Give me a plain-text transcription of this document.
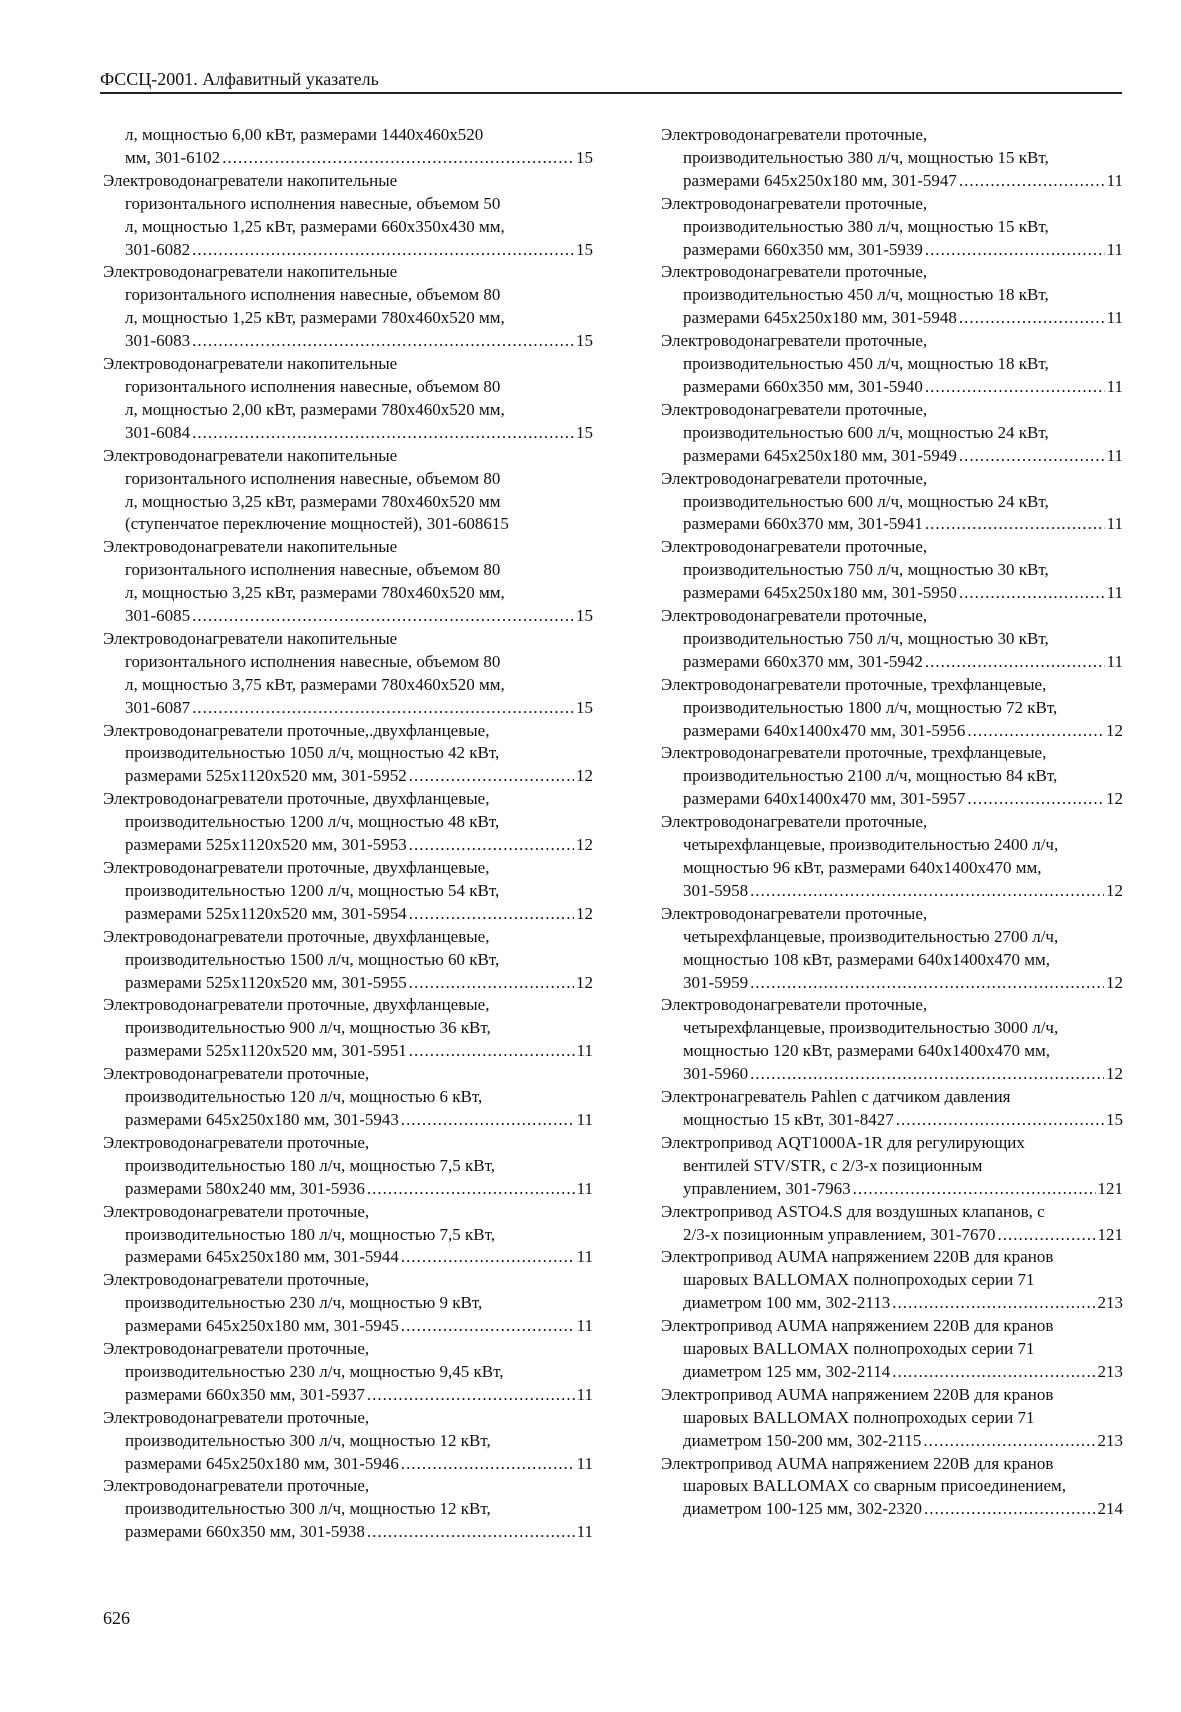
ФССЦ-2001. Алфавитный указатель
л, мощностью 6,00 кВт, размерами 1440x460x520
мм, 301-6102 .....	15
Электроводонагреватели накопительные
горизонтального исполнения навесные, объемом 50
л, мощностью 1,25 кВт, размерами 660x350x430 мм,
301-6082 .....	15
Электроводонагреватели накопительные
горизонтального исполнения навесные, объемом 80
л, мощностью 1,25 кВт, размерами 780x460x520 мм,
301-6083 .....	15
Электроводонагреватели накопительные
горизонтального исполнения навесные, объемом 80
л, мощностью 2,00 кВт, размерами 780x460x520 мм,
301-6084 .....	15
Электроводонагреватели накопительные
горизонтального исполнения навесные, объемом 80
л, мощностью 3,25 кВт, размерами 780x460x520 мм
(ступенчатое переключение мощностей), 301-608615
Электроводонагреватели накопительные
горизонтального исполнения навесные, объемом 80
л, мощностью 3,25 кВт, размерами 780x460x520 мм,
301-6085 .....	15
Электроводонагреватели накопительные
горизонтального исполнения навесные, объемом 80
л, мощностью 3,75 кВт, размерами 780x460x520 мм,
301-6087 .....	15
Электроводонагреватели проточные,.двухфланцевые,
производительностью 1050 л/ч, мощностью 42 кВт,
размерами 525x1120x520 мм, 301-5952 .....	12
Электроводонагреватели проточные, двухфланцевые,
производительностью 1200 л/ч, мощностью 48 кВт,
размерами 525x1120x520 мм, 301-5953 .....	12
Электроводонагреватели проточные, двухфланцевые,
производительностью 1200 л/ч, мощностью 54 кВт,
размерами 525x1120x520 мм, 301-5954 .....	12
Электроводонагреватели проточные, двухфланцевые,
производительностью 1500 л/ч, мощностью 60 кВт,
размерами 525x1120x520 мм, 301-5955 .....	12
Электроводонагреватели проточные, двухфланцевые,
производительностью 900 л/ч, мощностью 36 кВт,
размерами 525x1120x520 мм, 301-5951 .....	11
Электроводонагреватели проточные,
производительностью 120 л/ч, мощностью 6 кВт,
размерами 645x250x180 мм, 301-5943 .....	11
Электроводонагреватели проточные,
производительностью 180 л/ч, мощностью 7,5 кВт,
размерами 580x240 мм, 301-5936 .....	11
Электроводонагреватели проточные,
производительностью 180 л/ч, мощностью 7,5 кВт,
размерами 645x250x180 мм, 301-5944 .....	11
Электроводонагреватели проточные,
производительностью 230 л/ч, мощностью 9 кВт,
размерами 645x250x180 мм, 301-5945 .....	11
Электроводонагреватели проточные,
производительностью 230 л/ч, мощностью 9,45 кВт,
размерами 660x350 мм, 301-5937 .....	11
Электроводонагреватели проточные,
производительностью 300 л/ч, мощностью 12 кВт,
размерами 645x250x180 мм, 301-5946 .....	11
Электроводонагреватели проточные,
производительностью 300 л/ч, мощностью 12 кВт,
размерами 660x350 мм, 301-5938 .....	11
Электроводонагреватели проточные,
производительностью 380 л/ч, мощностью 15 кВт,
размерами 645x250x180 мм, 301-5947 .....	11
Электроводонагреватели проточные,
производительностью 380 л/ч, мощностью 15 кВт,
размерами 660x350 мм, 301-5939 .....	11
Электроводонагреватели проточные,
производительностью 450 л/ч, мощностью 18 кВт,
размерами 645x250x180 мм, 301-5948 .....	11
Электроводонагреватели проточные,
производительностью 450 л/ч, мощностью 18 кВт,
размерами 660x350 мм, 301-5940 .....	11
Электроводонагреватели проточные,
производительностью 600 л/ч, мощностью 24 кВт,
размерами 645x250x180 мм, 301-5949 .....	11
Электроводонагреватели проточные,
производительностью 600 л/ч, мощностью 24 кВт,
размерами 660x370 мм, 301-5941 .....	11
Электроводонагреватели проточные,
производительностью 750 л/ч, мощностью 30 кВт,
размерами 645x250x180 мм, 301-5950 .....	11
Электроводонагреватели проточные,
производительностью 750 л/ч, мощностью 30 кВт,
размерами 660x370 мм, 301-5942 .....	11
Электроводонагреватели проточные, трехфланцевые,
производительностью 1800 л/ч, мощностью 72 кВт,
размерами 640x1400x470 мм, 301-5956 .....	12
Электроводонагреватели проточные, трехфланцевые,
производительностью 2100 л/ч, мощностью 84 кВт,
размерами 640x1400x470 мм, 301-5957 .....	12
Электроводонагреватели проточные,
четырехфланцевые, производительностью 2400 л/ч,
мощностью 96 кВт, размерами 640x1400x470 мм,
301-5958 .....	12
Электроводонагреватели проточные,
четырехфланцевые, производительностью 2700 л/ч,
мощностью 108 кВт, размерами 640x1400x470 мм,
301-5959 .....	12
Электроводонагреватели проточные,
четырехфланцевые, производительностью 3000 л/ч,
мощностью 120 кВт, размерами 640x1400x470 мм,
301-5960 .....	12
Электронагреватель Pahlen с датчиком давления
мощностью 15 кВт, 301-8427 .....	15
Электропривод AQT1000A-1R для регулирующих
вентилей STV/STR, с 2/3-х позиционным
управлением, 301-7963 .....	121
Электропривод ASTO4.S для воздушных клапанов, с
2/3-х позиционным управлением, 301-7670 .....	121
Электропривод AUMA напряжением 220В для кранов
шаровых BALLOMAX полнопроходых серии 71
диаметром 100 мм, 302-2113 .....	213
Электропривод AUMA напряжением 220В для кранов
шаровых BALLOMAX полнопроходых серии 71
диаметром 125 мм, 302-2114 .....	213
Электропривод AUMA напряжением 220В для кранов
шаровых BALLOMAX полнопроходых серии 71
диаметром 150-200 мм, 302-2115 .....	213
Электропривод AUMA напряжением 220В для кранов
шаровых BALLOMAX со сварным присоединением,
диаметром 100-125 мм, 302-2320 .....	214
626
